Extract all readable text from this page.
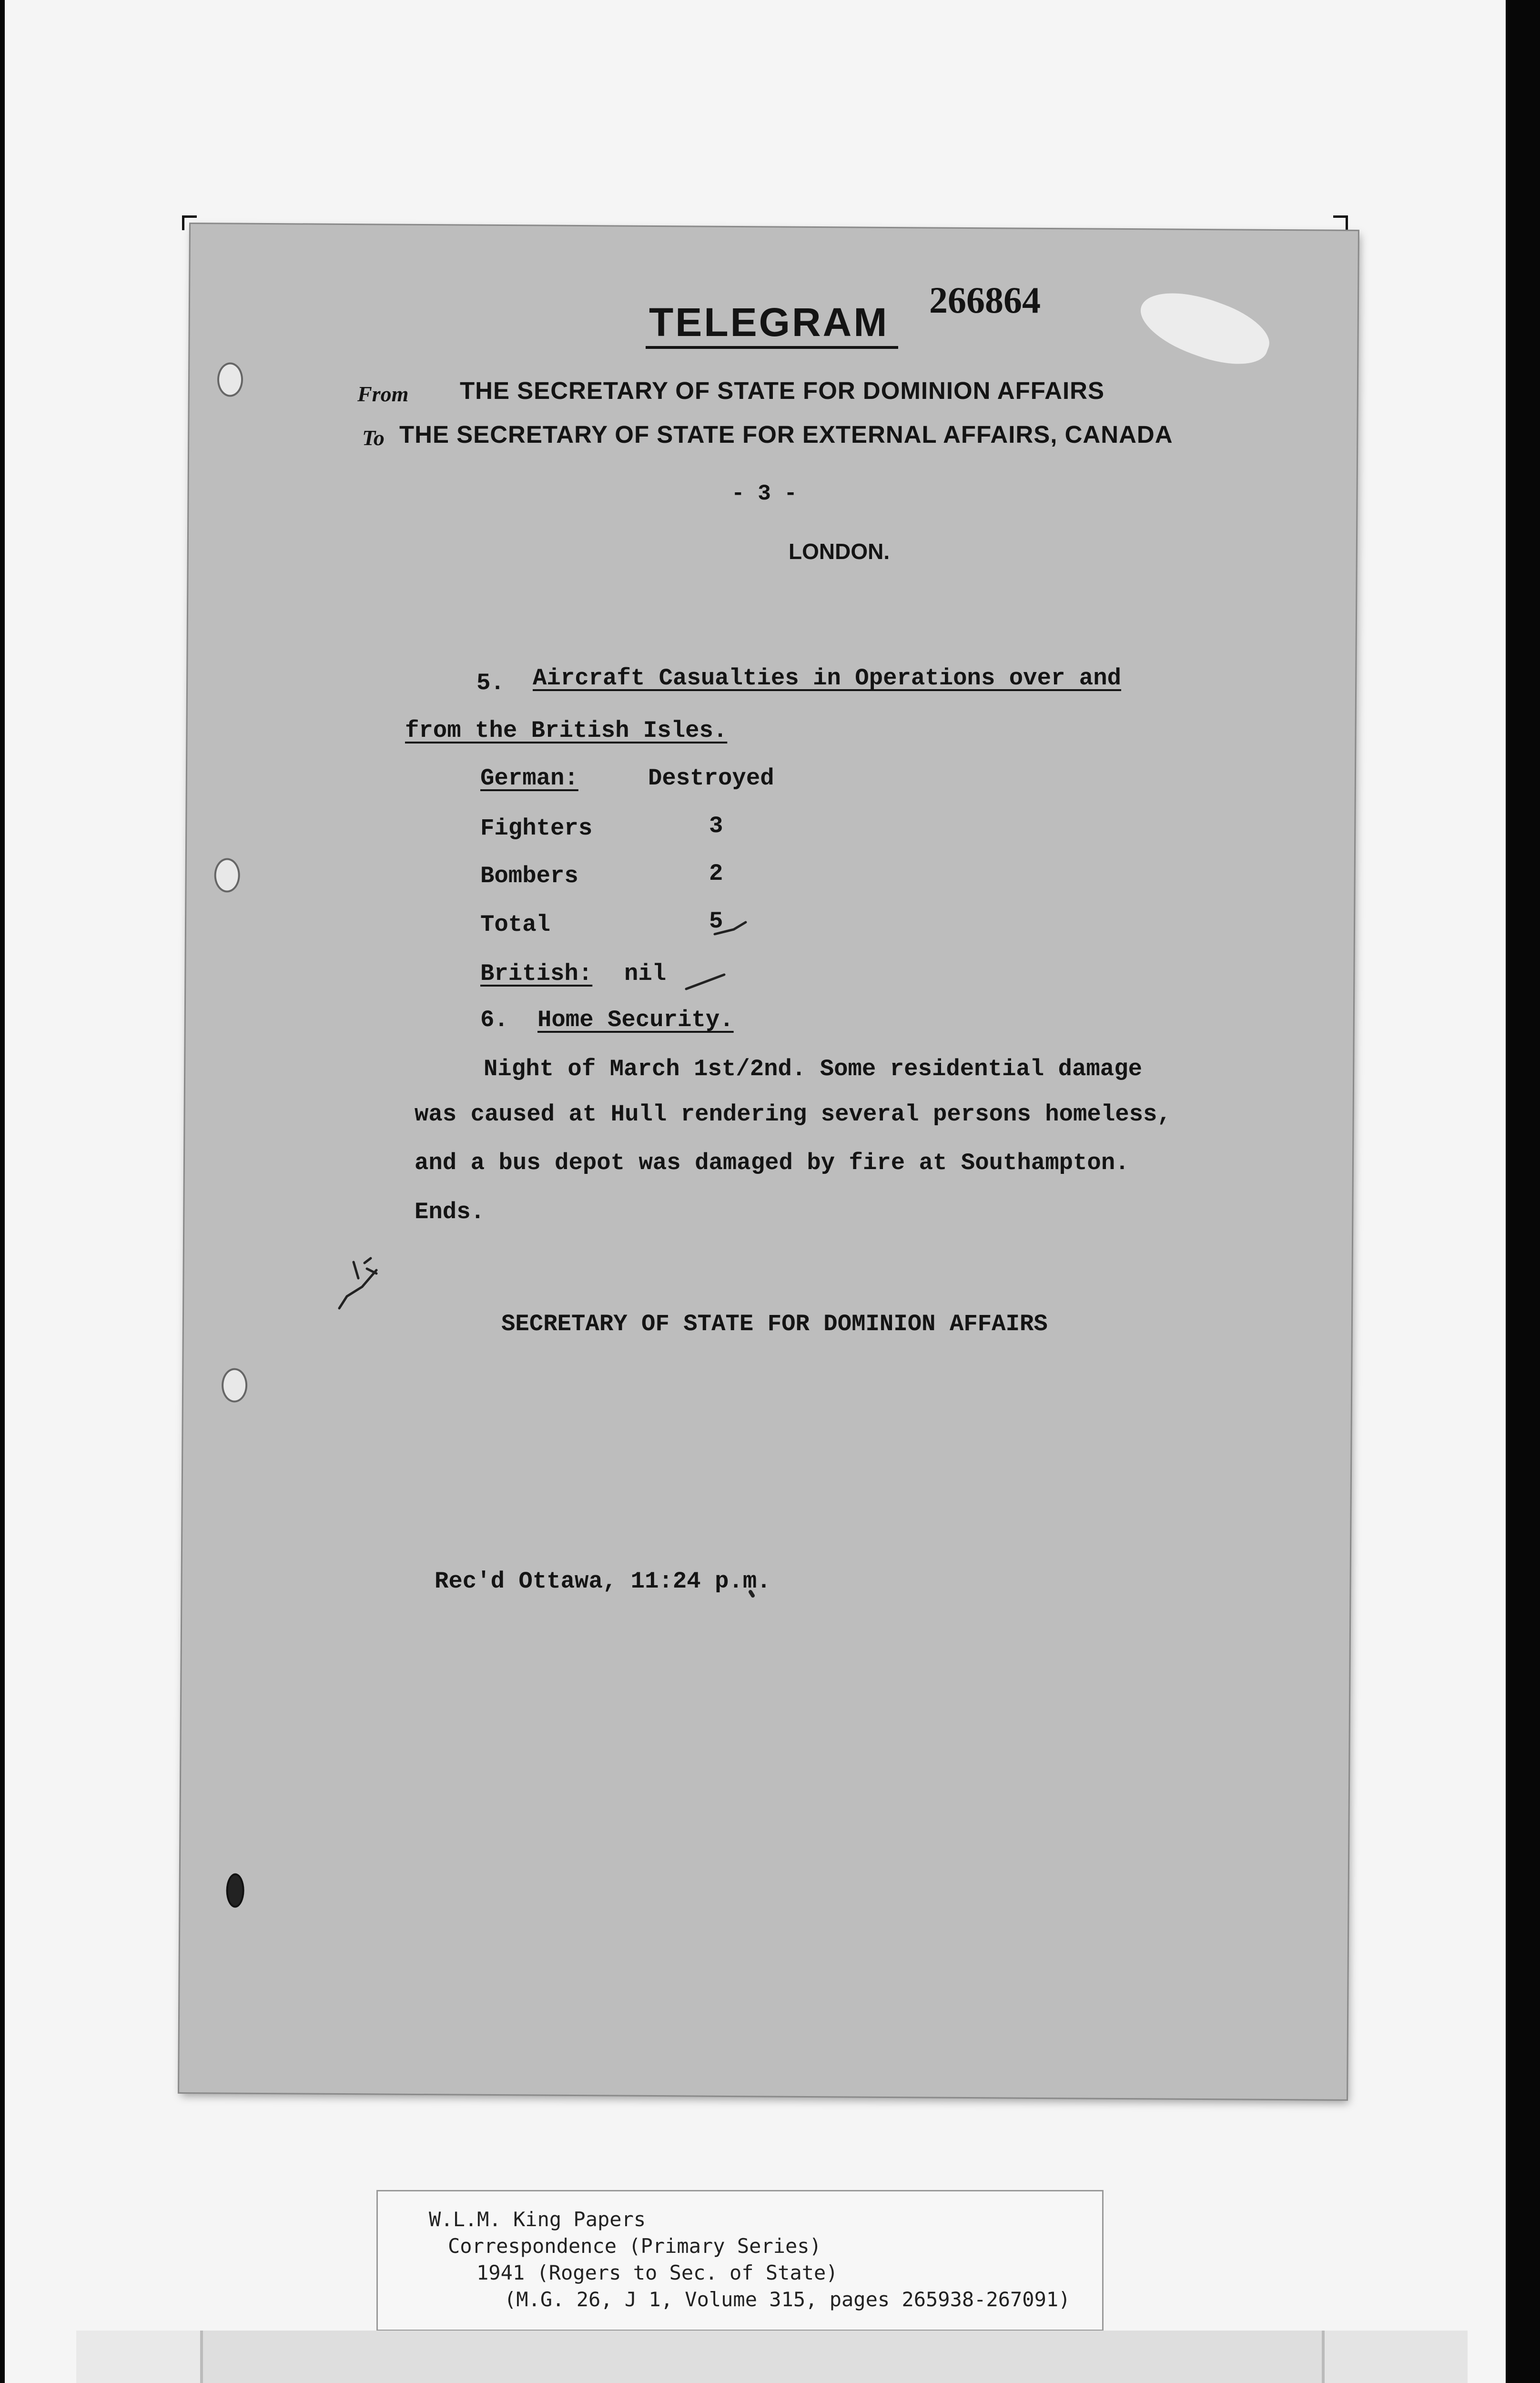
TELEGRAM 266864
From THE SECRETARY OF STATE FOR DOMINION AFFAIRS
To THE SECRETARY OF STATE FOR EXTERNAL AFFAIRS, CANADA
- 3 -
LONDON.
5. Aircraft Casualties in Operations over and
from the British Isles.
German:	Destroyed
Fighters	3
Bombers	2
Total	5
British: nil
6. Home Security.
Night of March 1st/2nd. Some residential damage
was caused at Hull rendering several persons homeless,
and a bus depot was damaged by fire at Southampton.
Ends.
SECRETARY OF STATE FOR DOMINION AFFAIRS
Rec'd Ottawa, 11:24 p.m.
W.L.M. King Papers
Correspondence (Primary Series)
1941 (Rogers to Sec. of State)
(M.G. 26, J 1, Volume 315, pages 265938-267091)
